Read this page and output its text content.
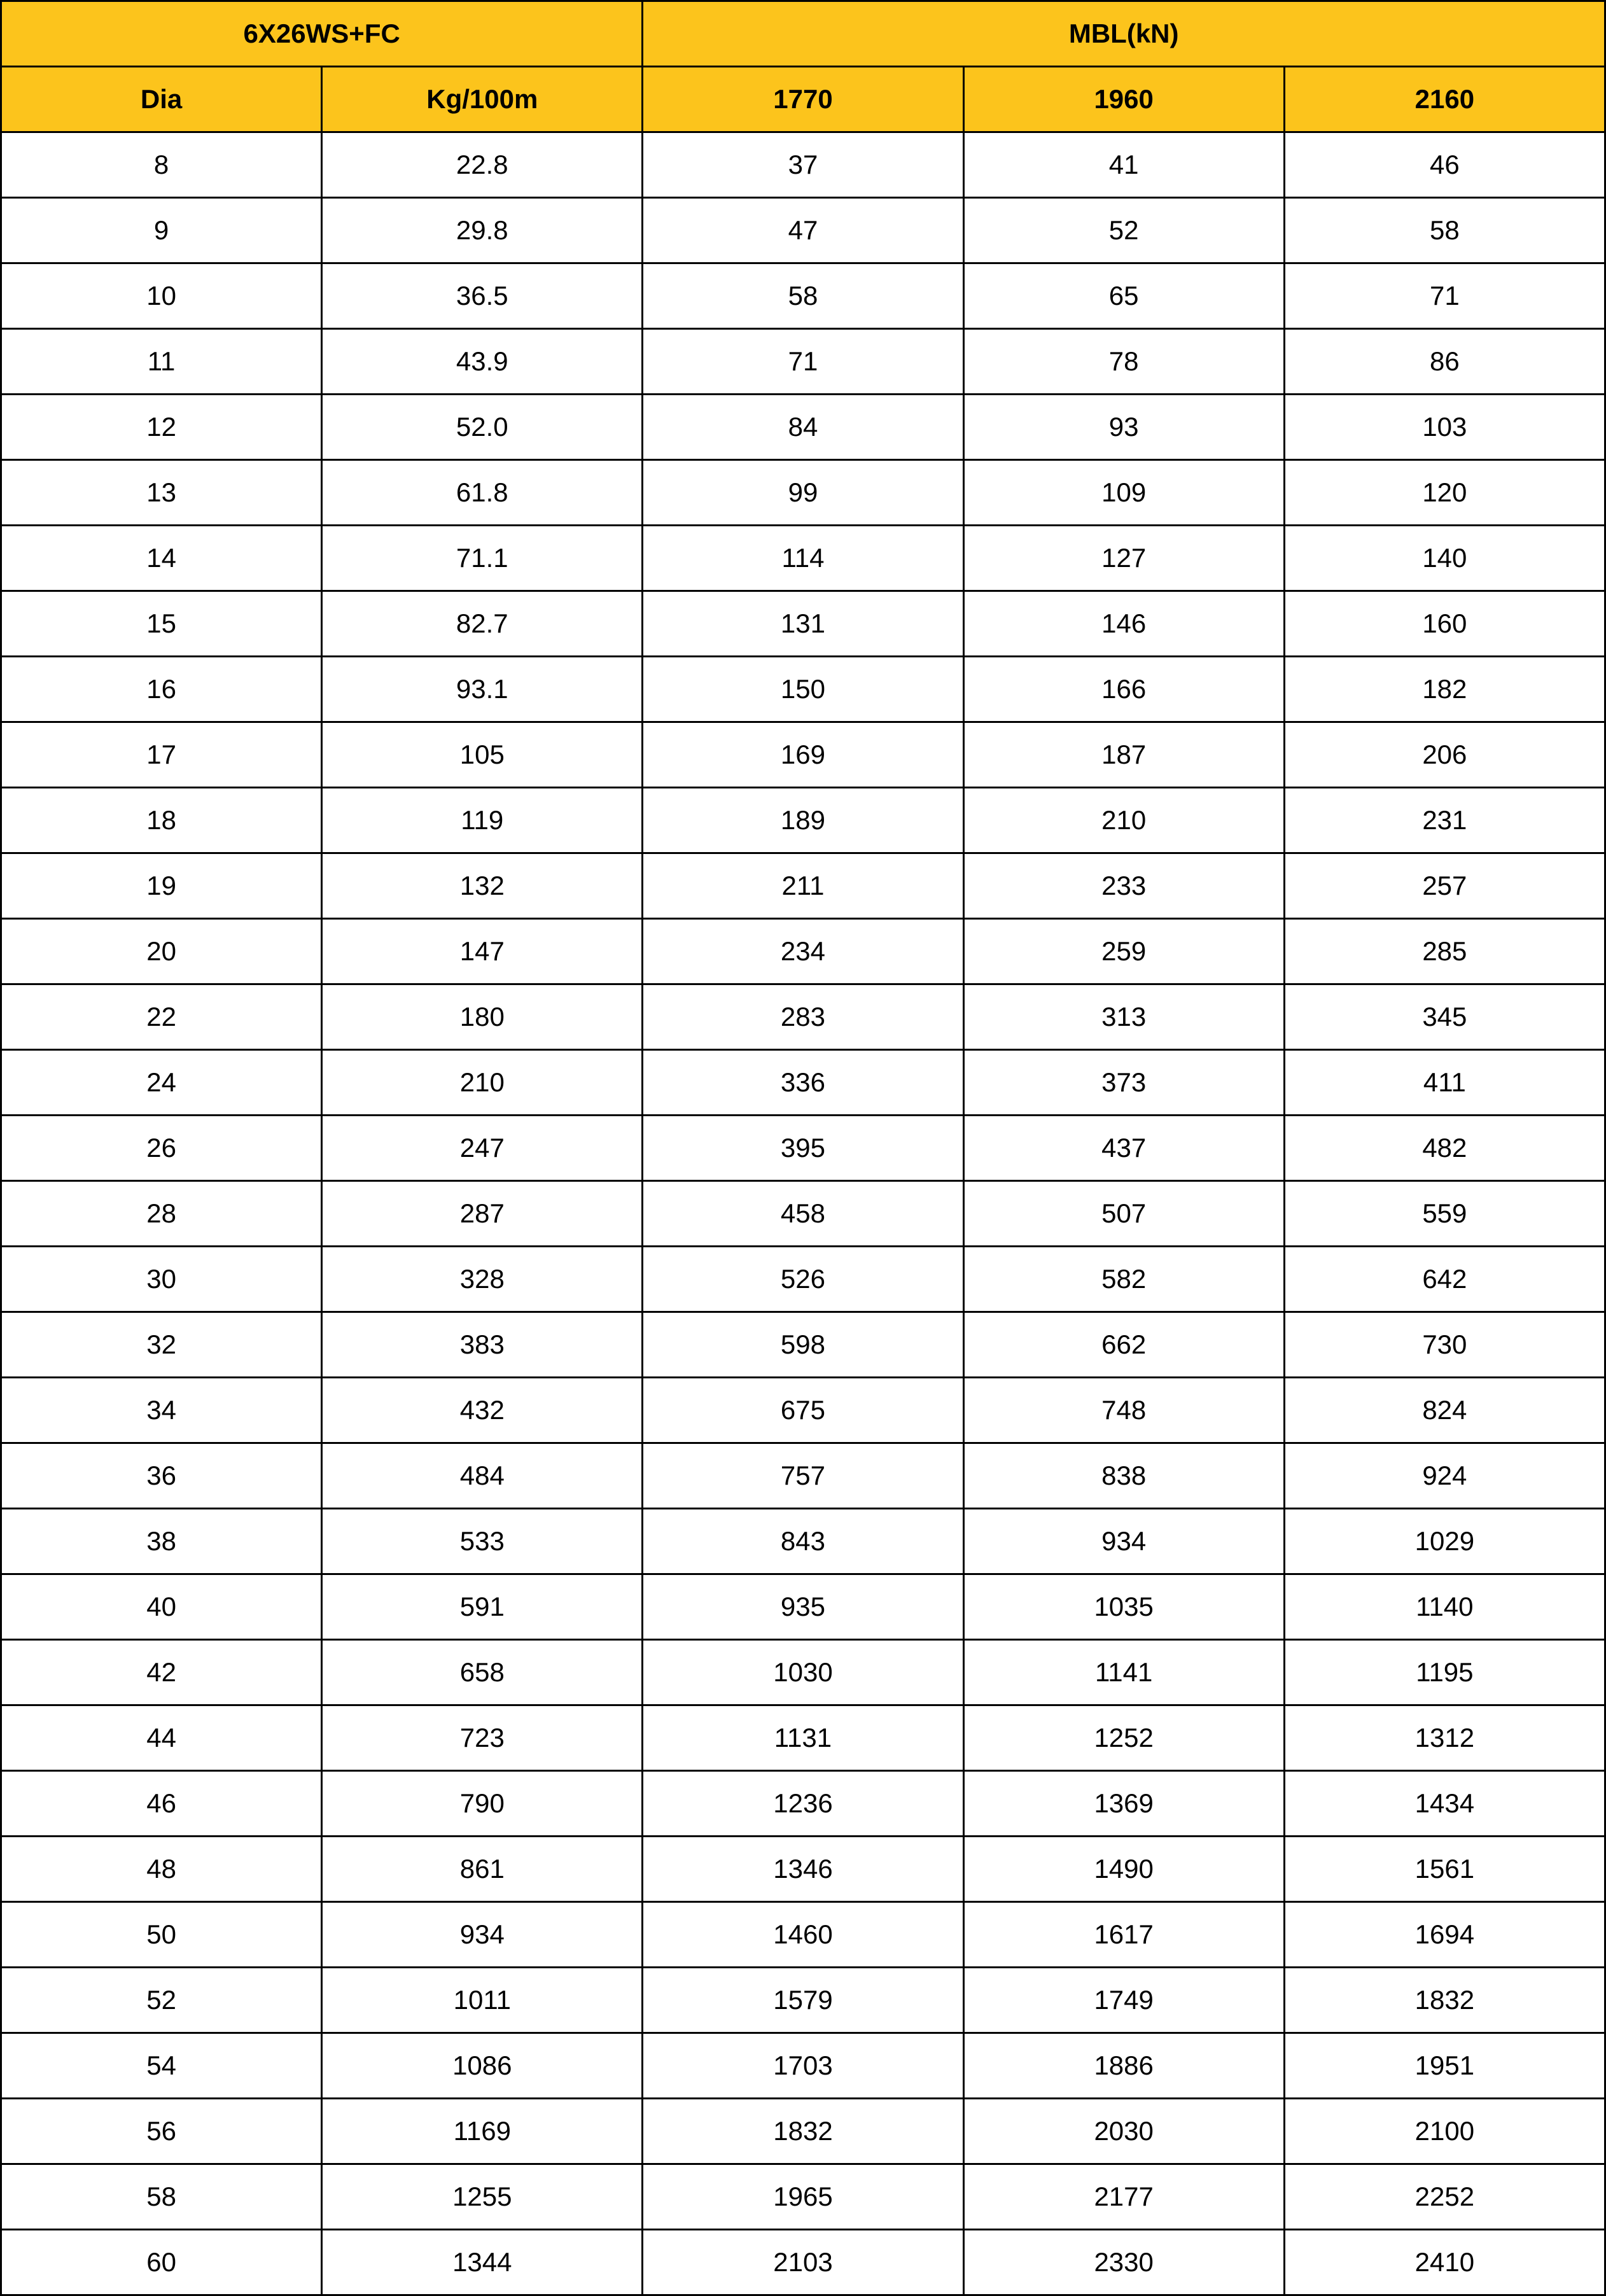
6X26WS+FC		MBL(kN)		
Dia	Kg/100m	1770	1960	2160
8	22.8	37	41	46
9	29.8	47	52	58
10	36.5	58	65	71
11	43.9	71	78	86
12	52.0	84	93	103
13	61.8	99	109	120
14	71.1	114	127	140
15	82.7	131	146	160
16	93.1	150	166	182
17	105	169	187	206
18	119	189	210	231
19	132	211	233	257
20	147	234	259	285
22	180	283	313	345
24	210	336	373	411
26	247	395	437	482
28	287	458	507	559
30	328	526	582	642
32	383	598	662	730
34	432	675	748	824
36	484	757	838	924
38	533	843	934	1029
40	591	935	1035	1140
42	658	1030	1141	1195
44	723	1131	1252	1312
46	790	1236	1369	1434
48	861	1346	1490	1561
50	934	1460	1617	1694
52	1011	1579	1749	1832
54	1086	1703	1886	1951
56	1169	1832	2030	2100
58	1255	1965	2177	2252
60	1344	2103	2330	2410
